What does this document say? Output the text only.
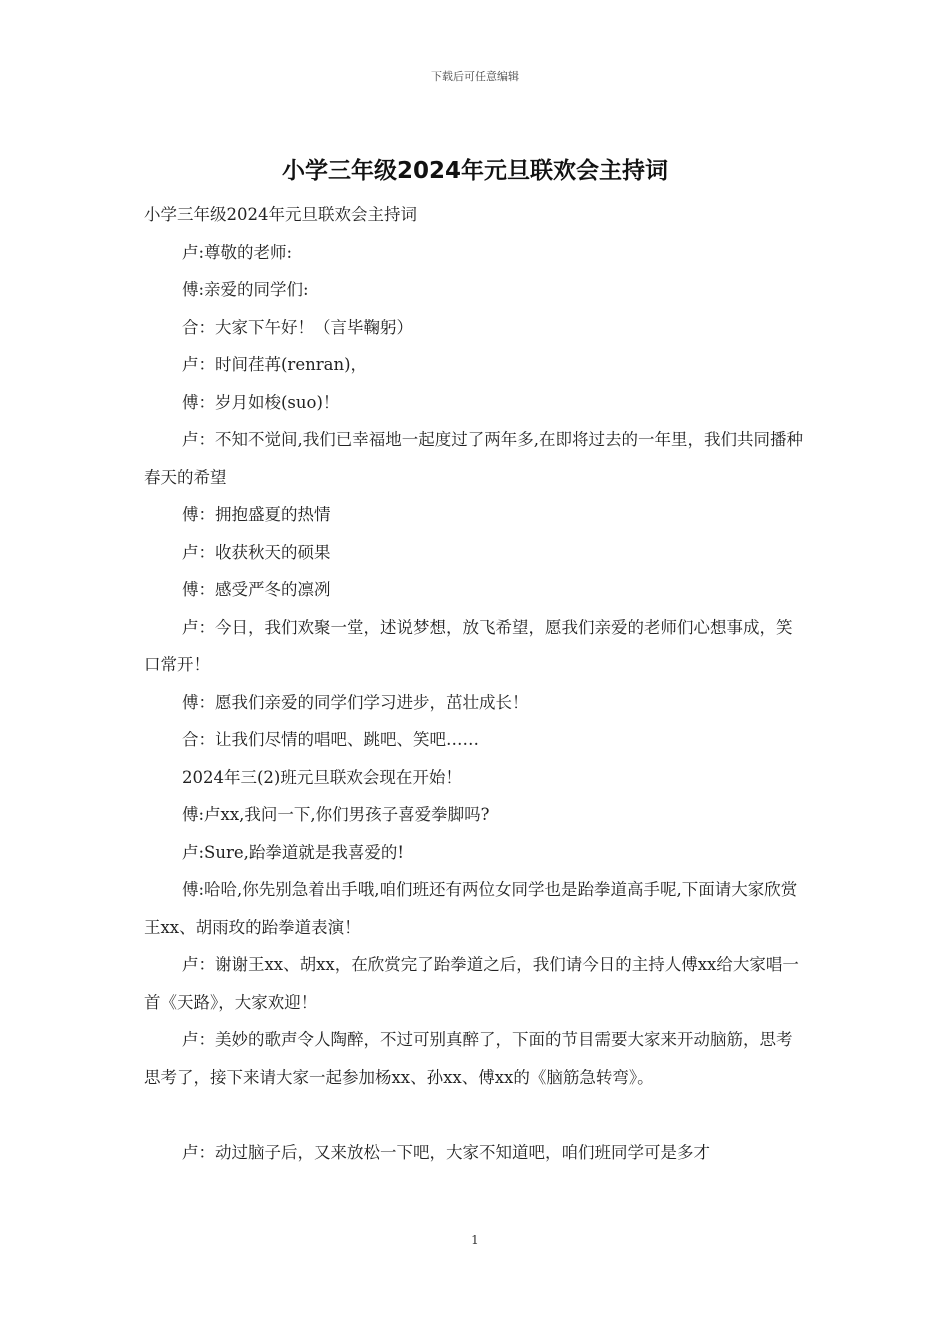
下载后可任意编辑
小学三年级2024年元旦联欢会主持词

小学三年级2024年元旦联欢会主持词

卢:尊敬的老师:

傅:亲爱的同学们:

合：大家下午好！（言毕鞠躬）

卢：时间荏苒(renran)，

傅：岁月如梭(suo)！

卢：不知不觉间,我们已幸福地一起度过了两年多,在即将过去的一年里，我们共同播种春天的希望

傅：拥抱盛夏的热情

卢：收获秋天的硕果

傅：感受严冬的凛冽

卢：今日，我们欢聚一堂，述说梦想，放飞希望，愿我们亲爱的老师们心想事成，笑口常开！

傅：愿我们亲爱的同学们学习进步，茁壮成长！

合：让我们尽情的唱吧、跳吧、笑吧……

2024年三(2)班元旦联欢会现在开始！

傅:卢xx,我问一下,你们男孩子喜爱拳脚吗?

卢:Sure,跆拳道就是我喜爱的!

傅:哈哈,你先别急着出手哦,咱们班还有两位女同学也是跆拳道高手呢,下面请大家欣赏王xx、胡雨玫的跆拳道表演！

卢：谢谢王xx、胡xx，在欣赏完了跆拳道之后，我们请今日的主持人傅xx给大家唱一首《天路》，大家欢迎！

卢：美妙的歌声令人陶醉，不过可别真醉了，下面的节目需要大家来开动脑筋，思考思考了，接下来请大家一起参加杨xx、孙xx、傅xx的《脑筋急转弯》。

卢：动过脑子后，又来放松一下吧，大家不知道吧，咱们班同学可是多才

1
